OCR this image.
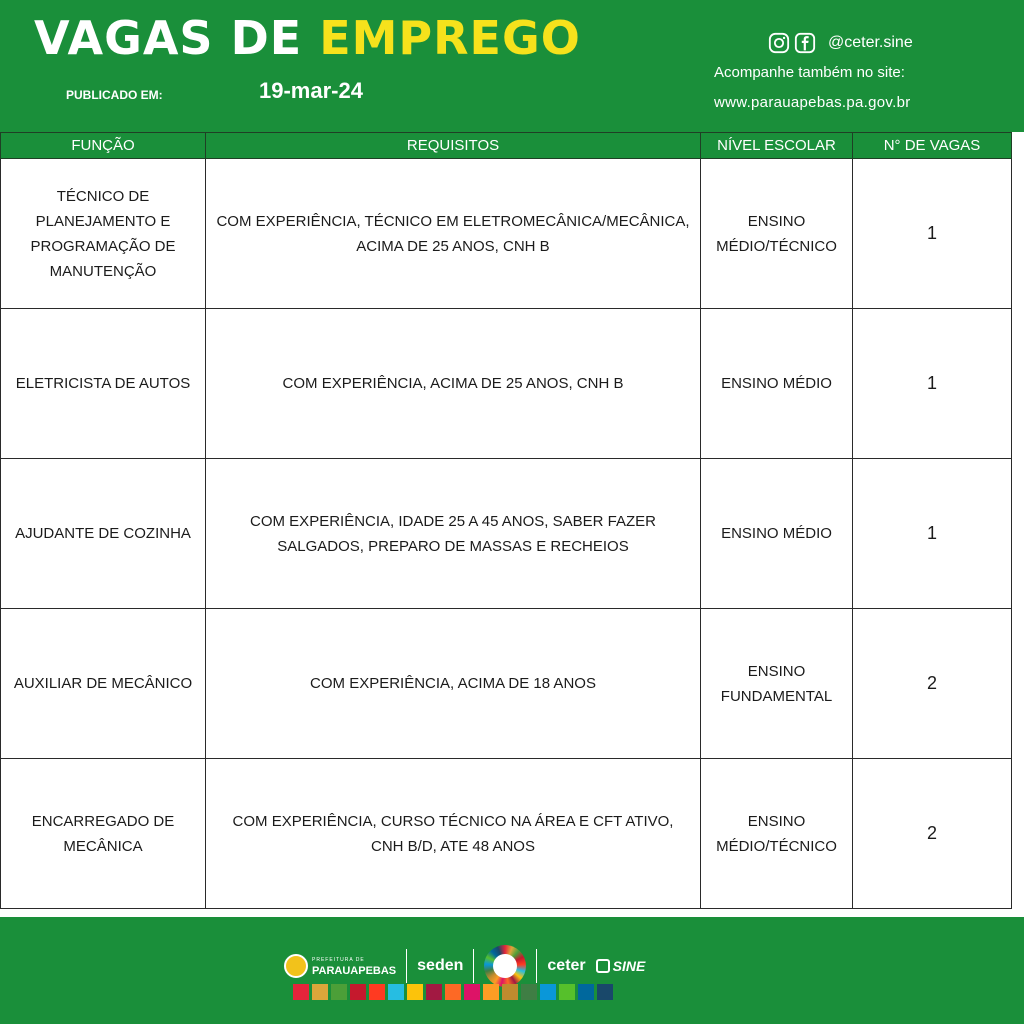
VAGAS DE EMPREGO
PUBLICADO EM:	19-mar-24
@ceter.sine
Acompanhe também no site:
www.parauapebas.pa.gov.br
FUNÇÃO	REQUISITOS	NÍVEL ESCOLAR	N° DE VAGAS
TÉCNICO DE PLANEJAMENTO E PROGRAMAÇÃO DE MANUTENÇÃO	COM EXPERIÊNCIA, TÉCNICO EM ELETROMECÂNICA/MECÂNICA, ACIMA DE 25 ANOS, CNH B	ENSINO MÉDIO/TÉCNICO	1
ELETRICISTA DE AUTOS	COM EXPERIÊNCIA, ACIMA DE 25 ANOS, CNH B	ENSINO MÉDIO	1
AJUDANTE DE COZINHA	COM EXPERIÊNCIA, IDADE 25 A 45 ANOS, SABER FAZER SALGADOS, PREPARO DE MASSAS E RECHEIOS	ENSINO MÉDIO	1
AUXILIAR DE MECÂNICO	COM EXPERIÊNCIA, ACIMA DE 18 ANOS	ENSINO FUNDAMENTAL	2
ENCARREGADO DE MECÂNICA	COM EXPERIÊNCIA, CURSO TÉCNICO NA ÁREA E CFT ATIVO, CNH B/D, ATE 48 ANOS	ENSINO MÉDIO/TÉCNICO	2
PREFEITURA DE
PARAUAPEBAS seden	ceter SINE
